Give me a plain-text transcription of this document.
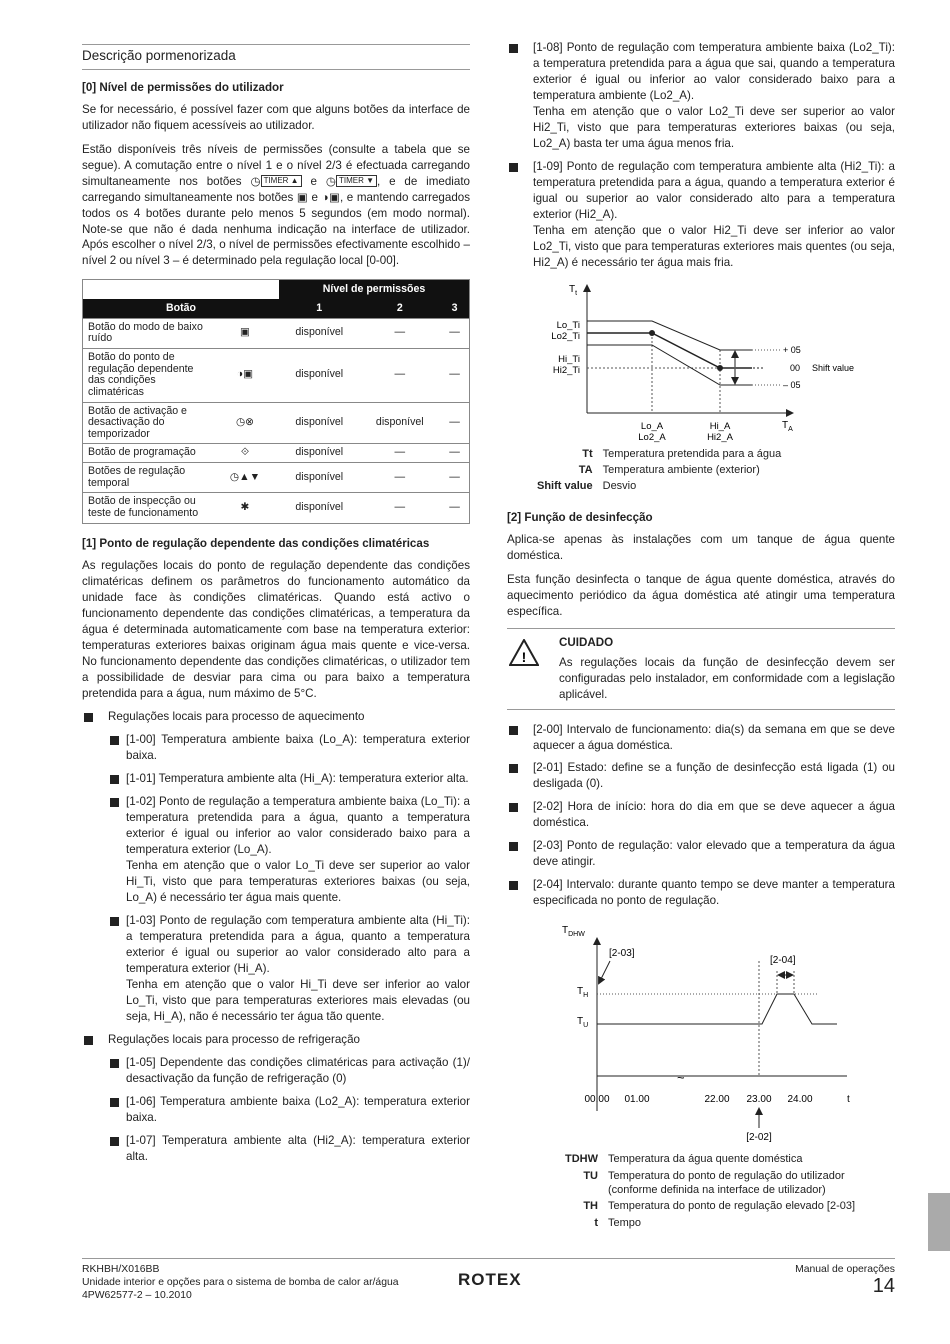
Descrição pormenorizada
[0] Nível de permissões do utilizador

Se for necessário, é possível fazer com que alguns botões da interface de utilizador não fiquem acessíveis ao utilizador.

Estão disponíveis três níveis de permissões (consulte a tabela que se segue). A comutação entre o nível 1 e o nível 2/3 é efectuada carregando simultaneamente nos botões ◷ TIMER ▲ e ◷ TIMER ▼ , e de imediato carregando simultaneamente nos botões ▣ e ◑▣, e mantendo carregados todos os 4 botões durante pelo menos 5 segundos (em modo normal). Note-se que não é dada nenhuma indicação na interface de utilizador. Após escolher o nível 2/3, o nível de permissões efectivamente escolhido – nível 2 ou nível 3 – é determinado pela regulação local [0-00].

		Nível de permissões		
Botão		1	2	3
Botão do modo de baixo ruído	▣	disponível	—	—
Botão do ponto de regulação dependente das condições climatéricas	◑▣	disponível	—	—
Botão de activação e desactivação do temporizador	◷⊗	disponível	disponível	—
Botão de programação	⟐	disponível	—	—
Botões de regulação temporal	◷▲▼	disponível	—	—
Botão de inspecção ou teste de funcionamento	✱	disponível	—	—
[1] Ponto de regulação dependente das condições climatéricas

As regulações locais do ponto de regulação dependente das condições climatéricas definem os parâmetros do funcionamento automático da unidade face às condições climatéricas. Quando está activo o funcionamento dependente das condições climatéricas, a temperatura da água é determinada automaticamente com base na temperatura exterior: temperaturas exteriores baixas originam água mais quente e vice-versa. No funcionamento dependente das condições climatéricas, o utilizador tem a possibilidade de desviar para cima ou para baixo a temperatura pretendida para a água, num máximo de 5°C.

Regulações locais para processo de aquecimento

[1-00] Temperatura ambiente baixa (Lo_A): temperatura exterior baixa.

[1-01] Temperatura ambiente alta (Hi_A): temperatura exterior alta.

[1-02] Ponto de regulação a temperatura ambiente baixa (Lo_Ti): a temperatura pretendida para a água, quanto a temperatura exterior é igual ou inferior ao valor considerado baixo para a temperatura exterior (Lo_A).

Tenha em atenção que o valor Lo_Ti deve ser superior ao valor Hi_Ti, visto que para temperaturas exteriores baixas (ou seja, Lo_A) é necessário ter água mais quente.

[1-03] Ponto de regulação com temperatura ambiente alta (Hi_Ti): a temperatura pretendida para a água, quanto a temperatura exterior é igual ou superior ao valor considerado alto para a temperatura exterior (Hi_A).

Tenha em atenção que o valor Hi_Ti deve ser inferior ao valor Lo_Ti, visto que para temperaturas exteriores mais elevadas (ou seja, Hi_A), não é necessário ter água tão quente.

Regulações locais para processo de refrigeração

[1-05] Dependente das condições climatéricas para activação (1)/ desactivação da função de refrigeração (0)

[1-06] Temperatura ambiente baixa (Lo2_A): temperatura exterior baixa.

[1-07] Temperatura ambiente alta (Hi2_A): temperatura exterior alta.

[1-08] Ponto de regulação com temperatura ambiente baixa (Lo2_Ti): a temperatura pretendida para a água que sai, quando a temperatura exterior é igual ou inferior ao valor considerado baixo para a temperatura ambiente (Lo2_A).

Tenha em atenção que o valor Lo2_Ti deve ser superior ao valor Hi2_Ti, visto que para temperaturas exteriores baixas (ou seja, Lo2_A) basta ter uma água menos fria.

[1-09] Ponto de regulação com temperatura ambiente alta (Hi2_Ti): a temperatura pretendida para a água, quando a temperatura exterior é igual ou superior ao valor considerado alto para a temperatura exterior (Hi2_A).

Tenha em atenção que o valor Hi2_Ti deve ser inferior ao valor Lo2_Ti, visto que para temperaturas exteriores mais quentes (ou seja, Hi2_A) é necessário ter água mais fria.

$T_t$
$T_A$
Lo_Ti
Lo2_Ti
Hi_Ti
Hi2_Ti
+ 05
00
– 05
Shift value
Lo_A
Lo2_A
Hi_A
Hi2_A
Tt	Temperatura pretendida para a água
TA	Temperatura ambiente (exterior)
Shift value	Desvio
[2] Função de desinfecção

Aplica-se apenas às instalações com um tanque de água quente doméstica.

Esta função desinfecta o tanque de água quente doméstica, através do aquecimento periódico da água doméstica até atingir uma temperatura específica.

!
CUIDADO

As regulações locais da função de desinfecção devem ser configuradas pelo instalador, em conformidade com a legislação aplicável.

[2-00] Intervalo de funcionamento: dia(s) da semana em que se deve aquecer a água doméstica.

[2-01] Estado: define se a função de desinfecção está ligada (1) ou desligada (0).

[2-02] Hora de início: hora do dia em que se deve aquecer a água doméstica.

[2-03] Ponto de regulação: valor elevado que a temperatura da água deve atingir.

[2-04] Intervalo: durante quanto tempo se deve manter a temperatura especificada no ponto de regulação.

$T_{DHW}$
$T_H$
$T_U$
[2-03]
[2-04]
~
00.00 01.00	22.00 23.00 24.00	t
[2-02]
TDHW	Temperatura da água quente doméstica
TU	Temperatura do ponto de regulação do utilizador (conforme definida na interface de utilizador)
TH	Temperatura do ponto de regulação elevado [2-03]
t	Tempo
RKHBH/X016BB
Unidade interior e opções para o sistema de bomba de calor ar/água
4PW62577-2 – 10.2010
ROTEX
Manual de operações
14
